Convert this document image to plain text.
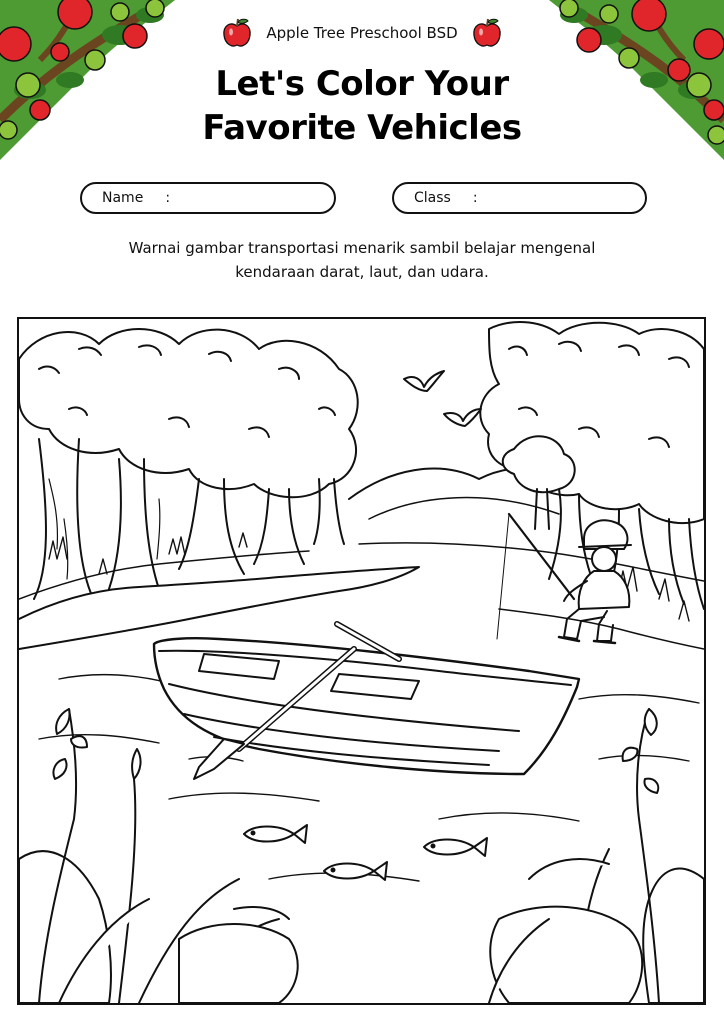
Apple Tree Preschool BSD
Let's Color Your
Favorite Vehicles
Name :	Class :

Warnai gambar transportasi menarik sambil belajar mengenal
kendaraan darat, laut, dan udara.
